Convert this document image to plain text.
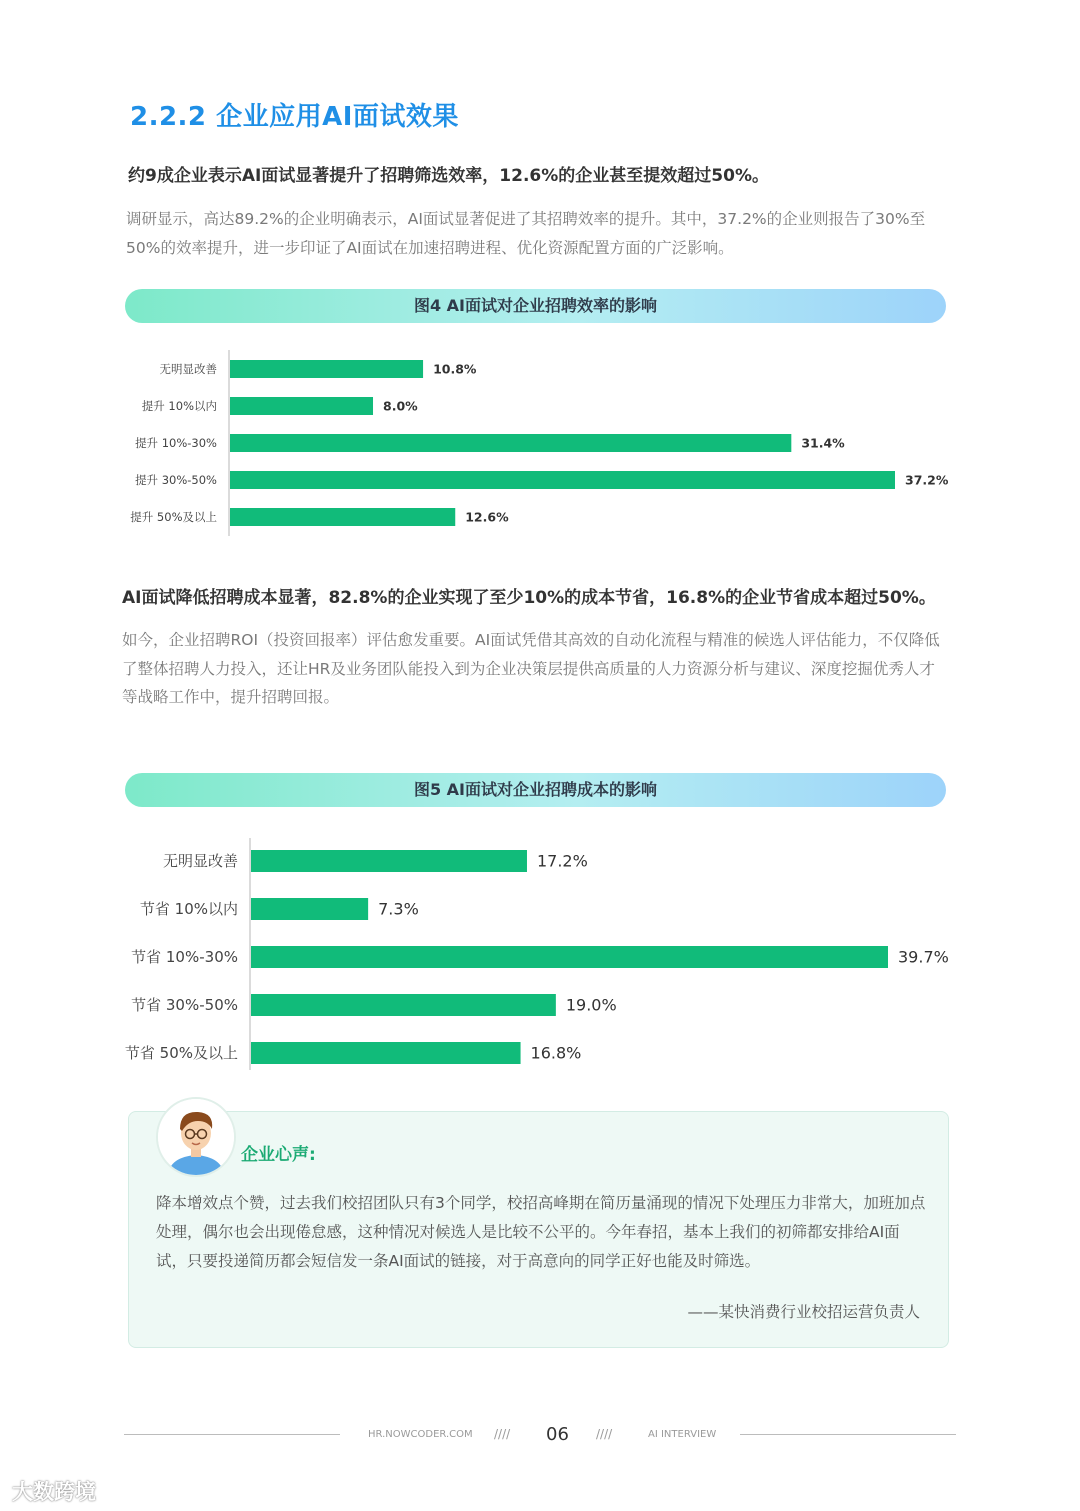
2.2.2 企业应用AI面试效果
约9成企业表示AI面试显著提升了招聘筛选效率，12.6%的企业甚至提效超过50%。
调研显示，高达89.2%的企业明确表示，AI面试显著促进了其招聘效率的提升。其中，37.2%的企业则报告了30%至50%的效率提升，进一步印证了AI面试在加速招聘进程、优化资源配置方面的广泛影响。
图4 AI面试对企业招聘效率的影响
无明显改善	10.8%
提升 10%以内	8.0%
提升 10%-30%	31.4%
提升 30%-50%	37.2%
提升 50%及以上	12.6%
AI面试降低招聘成本显著，82.8%的企业实现了至少10%的成本节省，16.8%的企业节省成本超过50%。
如今，企业招聘ROI（投资回报率）评估愈发重要。AI面试凭借其高效的自动化流程与精准的候选人评估能力，不仅降低了整体招聘人力投入，还让HR及业务团队能投入到为企业决策层提供高质量的人力资源分析与建议、深度挖掘优秀人才等战略工作中，提升招聘回报。
图5 AI面试对企业招聘成本的影响
无明显改善	17.2%
节省 10%以内	7.3%
节省 10%-30%	39.7%
节省 30%-50%	19.0%
节省 50%及以上	16.8%
企业心声:
降本增效点个赞，过去我们校招团队只有3个同学，校招高峰期在简历量涌现的情况下处理压力非常大，加班加点处理，偶尔也会出现倦怠感，这种情况对候选人是比较不公平的。今年春招，基本上我们的初筛都安排给AI面试，只要投递简历都会短信发一条AI面试的链接，对于高意向的同学正好也能及时筛选。
——某快消费行业校招运营负责人
HR.NOWCODER.COM //// 06 ////	AI INTERVIEW
大数跨境
